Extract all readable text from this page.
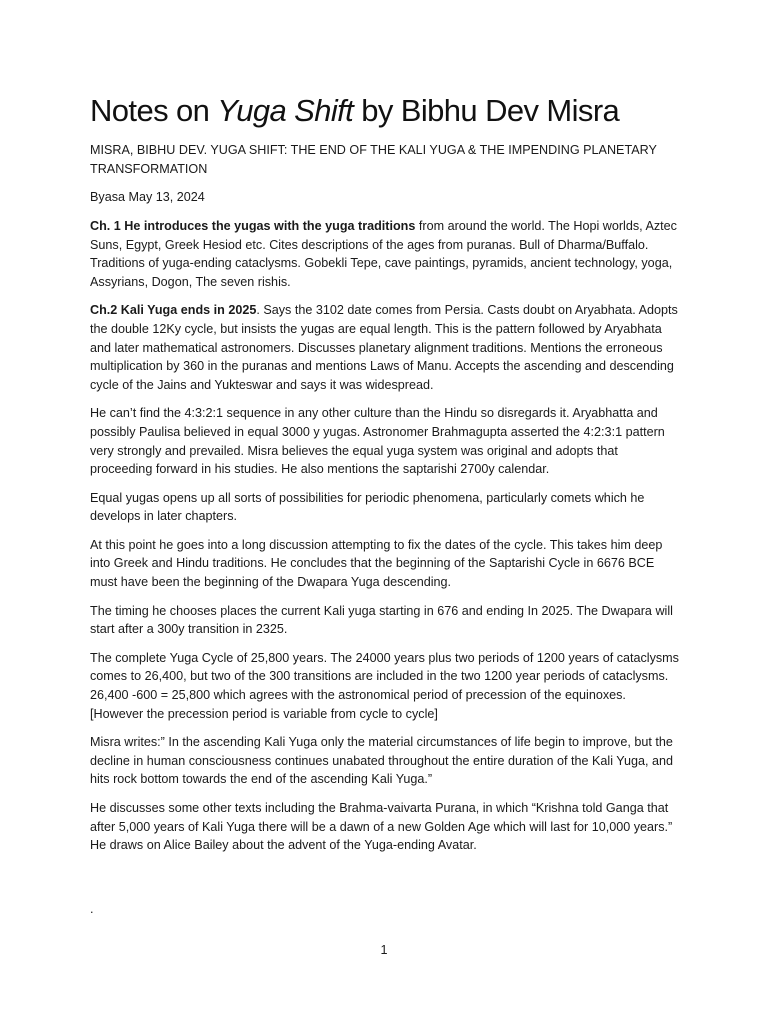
Notes on Yuga Shift by Bibhu Dev Misra

MISRA, BIBHU DEV. YUGA SHIFT: THE END OF THE KALI YUGA & THE IMPENDING PLANETARY TRANSFORMATION

Byasa May 13, 2024

Ch. 1 He introduces the yugas with the yuga traditions from around the world. The Hopi worlds, Aztec Suns, Egypt, Greek Hesiod etc. Cites descriptions of the ages from puranas. Bull of Dharma/Buffalo. Traditions of yuga-ending cataclysms. Gobekli Tepe, cave paintings, pyramids, ancient technology, yoga, Assyrians, Dogon, The seven rishis.

Ch.2 Kali Yuga ends in 2025. Says the 3102 date comes from Persia. Casts doubt on Aryabhata. Adopts the double 12Ky cycle, but insists the yugas are equal length. This is the pattern followed by Aryabhata and later mathematical astronomers. Discusses planetary alignment traditions. Mentions the erroneous multiplication by 360 in the puranas and mentions Laws of Manu. Accepts the ascending and descending cycle of the Jains and Yukteswar and says it was widespread.

He can’t find the 4:3:2:1 sequence in any other culture than the Hindu so disregards it. Aryabhatta and possibly Paulisa believed in equal 3000 y yugas. Astronomer Brahmagupta asserted the 4:2:3:1 pattern very strongly and prevailed. Misra believes the equal yuga system was original and adopts that proceeding forward in his studies. He also mentions the saptarishi 2700y calendar.

Equal yugas opens up all sorts of possibilities for periodic phenomena, particularly comets which he develops in later chapters.

At this point he goes into a long discussion attempting to fix the dates of the cycle. This takes him deep into Greek and Hindu traditions. He concludes that the beginning of the Saptarishi Cycle in 6676 BCE must have been the beginning of the Dwapara Yuga descending.

The timing he chooses places the current Kali yuga starting in 676 and ending In 2025. The Dwapara will start after a 300y transition in 2325.

The complete Yuga Cycle of 25,800 years. The 24000 years plus two periods of 1200 years of cataclysms comes to 26,400, but two of the 300 transitions are included in the two 1200 year periods of cataclysms. 26,400 -600 = 25,800 which agrees with the astronomical period of precession of the equinoxes. [However the precession period is variable from cycle to cycle]

Misra writes:” In the ascending Kali Yuga only the material circumstances of life begin to improve, but the decline in human consciousness continues unabated throughout the entire duration of the Kali Yuga, and hits rock bottom towards the end of the ascending Kali Yuga.”

He discusses some other texts including the Brahma-vaivarta Purana, in which “Krishna told Ganga that after 5,000 years of Kali Yuga there will be a dawn of a new Golden Age which will last for 10,000 years.” He draws on Alice Bailey about the advent of the Yuga-ending Avatar.

.
1
